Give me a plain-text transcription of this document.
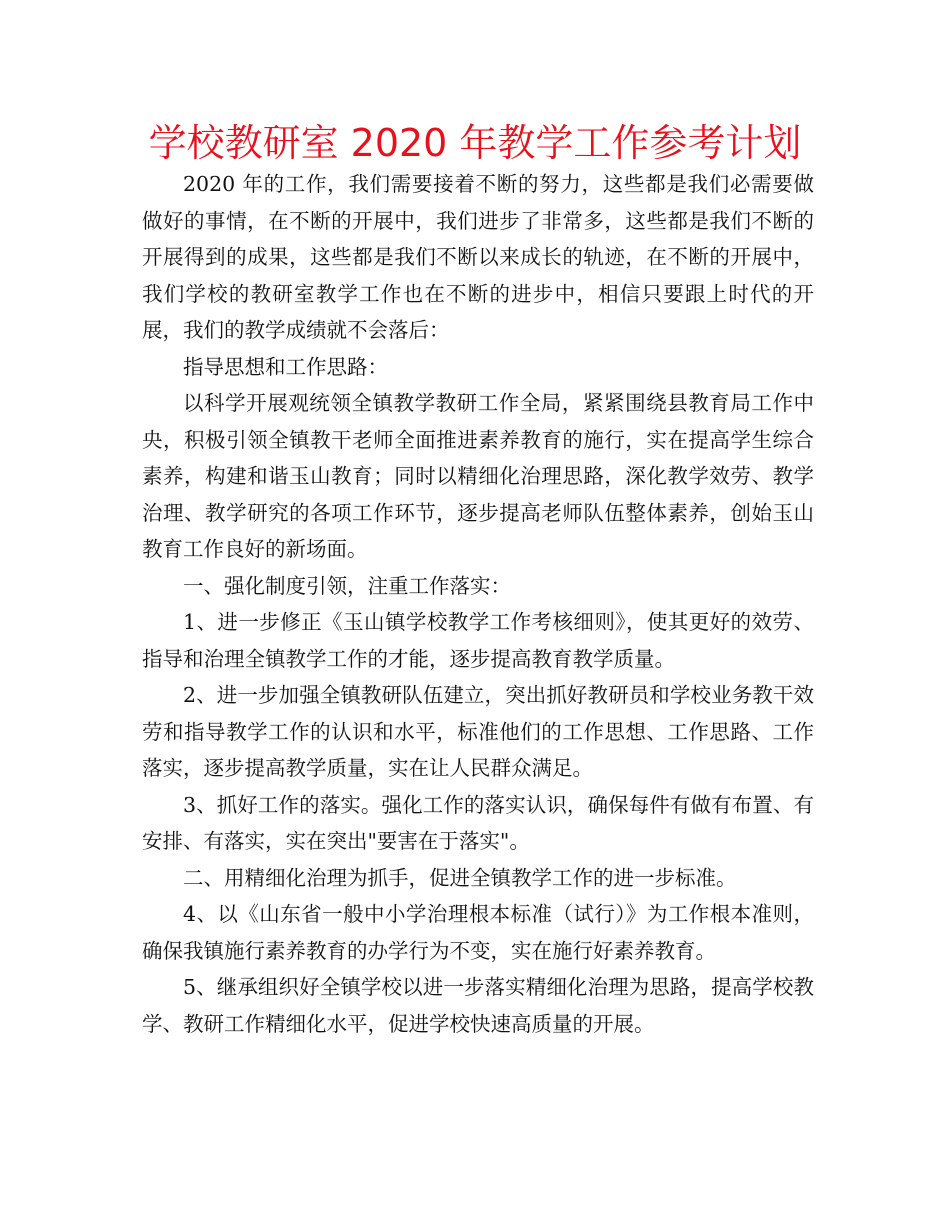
学校教研室 2020 年教学工作参考计划

2020 年的工作，我们需要接着不断的努力，这些都是我们必需要做做好的事情，在不断的开展中，我们进步了非常多，这些都是我们不断的开展得到的成果，这些都是我们不断以来成长的轨迹，在不断的开展中，我们学校的教研室教学工作也在不断的进步中，相信只要跟上时代的开展，我们的教学成绩就不会落后：

指导思想和工作思路：

以科学开展观统领全镇教学教研工作全局，紧紧围绕县教育局工作中央，积极引领全镇教干老师全面推进素养教育的施行，实在提高学生综合素养，构建和谐玉山教育；同时以精细化治理思路，深化教学效劳、教学治理、教学研究的各项工作环节，逐步提高老师队伍整体素养，创始玉山教育工作良好的新场面。

一、强化制度引领，注重工作落实：

1、进一步修正《玉山镇学校教学工作考核细则》，使其更好的效劳、指导和治理全镇教学工作的才能，逐步提高教育教学质量。

2、进一步加强全镇教研队伍建立，突出抓好教研员和学校业务教干效劳和指导教学工作的认识和水平，标准他们的工作思想、工作思路、工作落实，逐步提高教学质量，实在让人民群众满足。

3、抓好工作的落实。强化工作的落实认识，确保每件有做有布置、有安排、有落实，实在突出"要害在于落实"。

二、用精细化治理为抓手，促进全镇教学工作的进一步标准。

4、以《山东省一般中小学治理根本标准（试行）》为工作根本准则，确保我镇施行素养教育的办学行为不变，实在施行好素养教育。

5、继承组织好全镇学校以进一步落实精细化治理为思路，提高学校教学、教研工作精细化水平，促进学校快速高质量的开展。
